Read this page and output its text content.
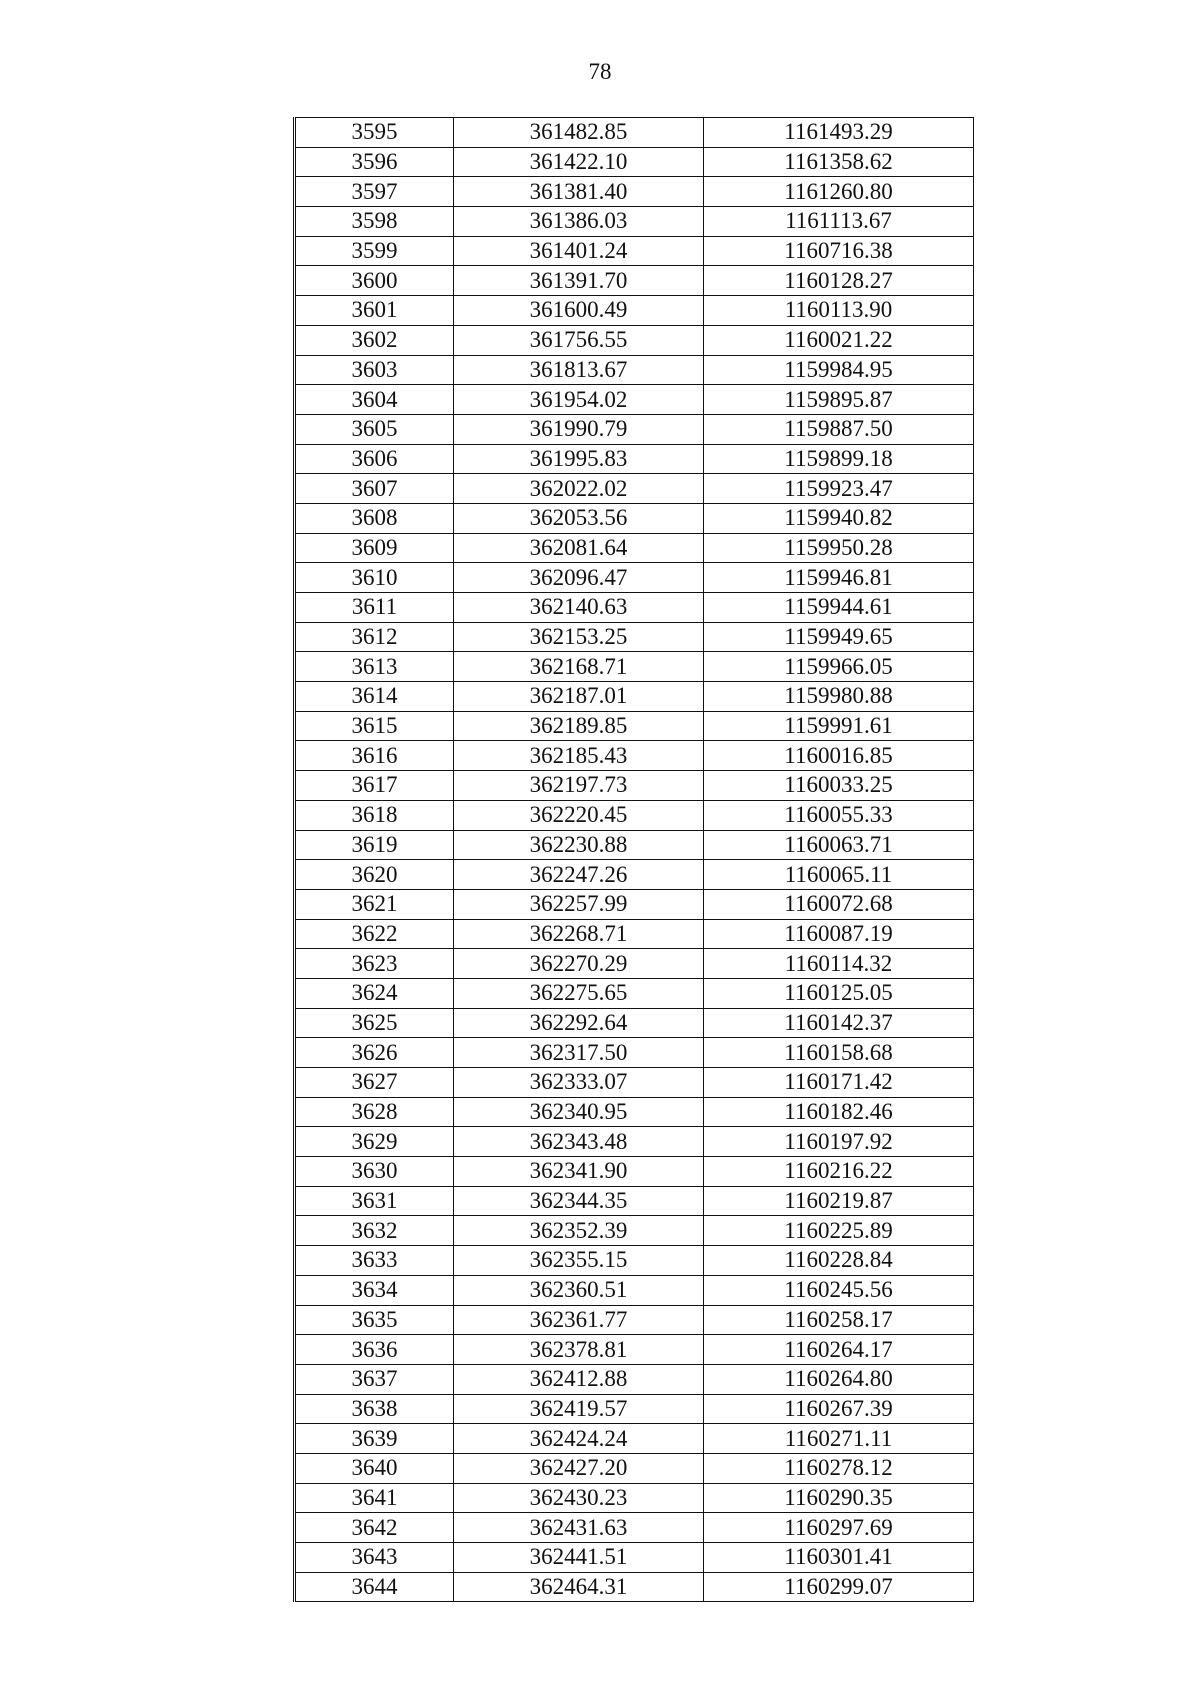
78
3595	361482.85	1161493.29
3596	361422.10	1161358.62
3597	361381.40	1161260.80
3598	361386.03	1161113.67
3599	361401.24	1160716.38
3600	361391.70	1160128.27
3601	361600.49	1160113.90
3602	361756.55	1160021.22
3603	361813.67	1159984.95
3604	361954.02	1159895.87
3605	361990.79	1159887.50
3606	361995.83	1159899.18
3607	362022.02	1159923.47
3608	362053.56	1159940.82
3609	362081.64	1159950.28
3610	362096.47	1159946.81
3611	362140.63	1159944.61
3612	362153.25	1159949.65
3613	362168.71	1159966.05
3614	362187.01	1159980.88
3615	362189.85	1159991.61
3616	362185.43	1160016.85
3617	362197.73	1160033.25
3618	362220.45	1160055.33
3619	362230.88	1160063.71
3620	362247.26	1160065.11
3621	362257.99	1160072.68
3622	362268.71	1160087.19
3623	362270.29	1160114.32
3624	362275.65	1160125.05
3625	362292.64	1160142.37
3626	362317.50	1160158.68
3627	362333.07	1160171.42
3628	362340.95	1160182.46
3629	362343.48	1160197.92
3630	362341.90	1160216.22
3631	362344.35	1160219.87
3632	362352.39	1160225.89
3633	362355.15	1160228.84
3634	362360.51	1160245.56
3635	362361.77	1160258.17
3636	362378.81	1160264.17
3637	362412.88	1160264.80
3638	362419.57	1160267.39
3639	362424.24	1160271.11
3640	362427.20	1160278.12
3641	362430.23	1160290.35
3642	362431.63	1160297.69
3643	362441.51	1160301.41
3644	362464.31	1160299.07
